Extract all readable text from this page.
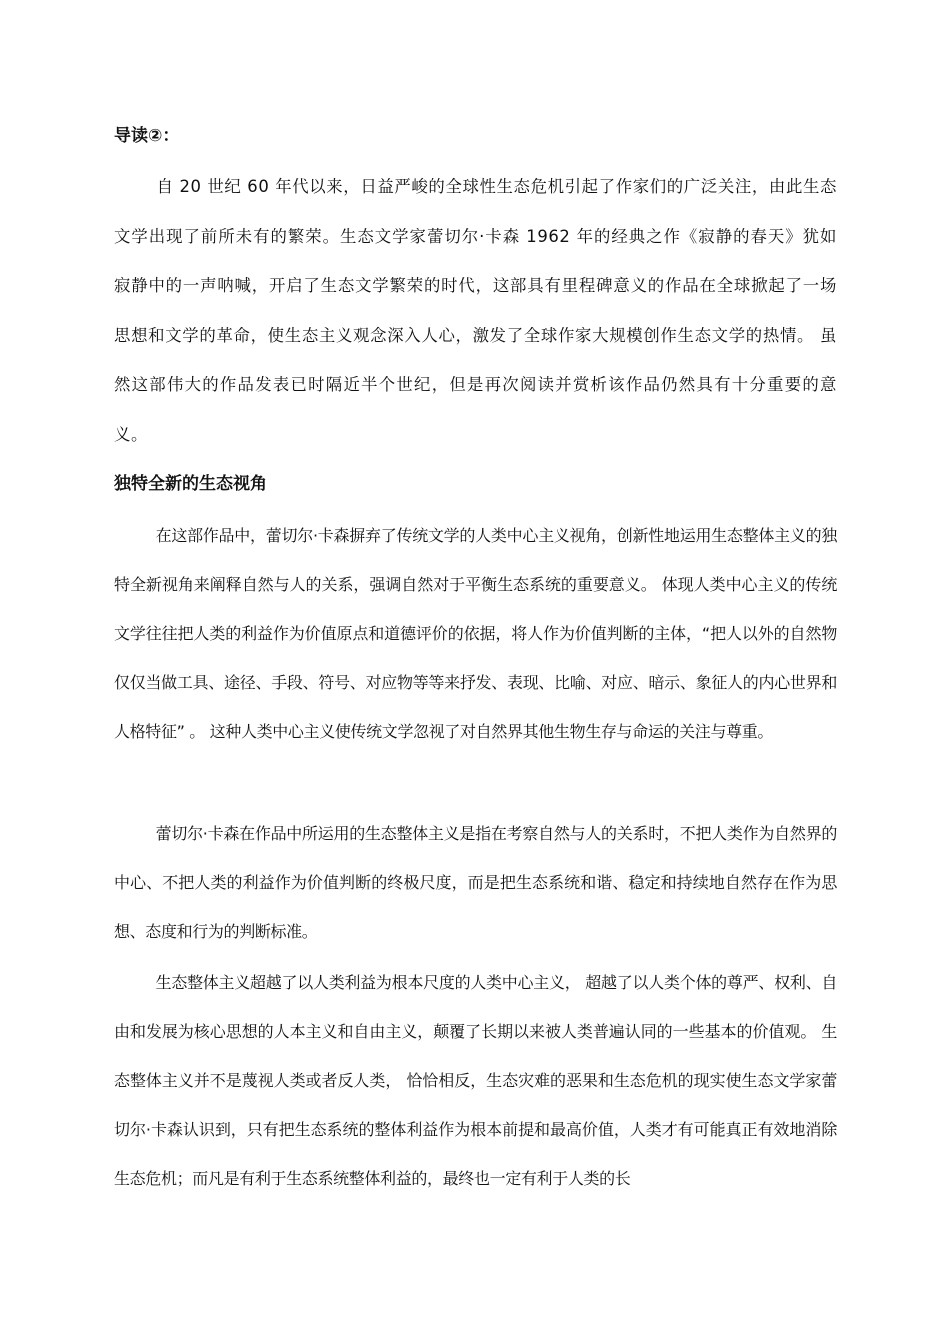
导读②：

自 20 世纪 60 年代以来，日益严峻的全球性生态危机引起了作家们的广泛关注，由此生态文学出现了前所未有的繁荣。生态文学家蕾切尔·卡森 1962 年的经典之作《寂静的春天》犹如寂静中的一声呐喊，开启了生态文学繁荣的时代，这部具有里程碑意义的作品在全球掀起了一场思想和文学的革命，使生态主义观念深入人心，激发了全球作家大规模创作生态文学的热情。 虽然这部伟大的作品发表已时隔近半个世纪，但是再次阅读并赏析该作品仍然具有十分重要的意义。

独特全新的生态视角

在这部作品中，蕾切尔·卡森摒弃了传统文学的人类中心主义视角，创新性地运用生态整体主义的独特全新视角来阐释自然与人的关系，强调自然对于平衡生态系统的重要意义。 体现人类中心主义的传统文学往往把人类的利益作为价值原点和道德评价的依据，将人作为价值判断的主体，“把人以外的自然物仅仅当做工具、途径、手段、符号、对应物等等来抒发、表现、比喻、对应、暗示、象征人的内心世界和人格特征” 。 这种人类中心主义使传统文学忽视了对自然界其他生物生存与命运的关注与尊重。

蕾切尔·卡森在作品中所运用的生态整体主义是指在考察自然与人的关系时，不把人类作为自然界的中心、不把人类的利益作为价值判断的终极尺度，而是把生态系统和谐、稳定和持续地自然存在作为思想、态度和行为的判断标准。

生态整体主义超越了以人类利益为根本尺度的人类中心主义， 超越了以人类个体的尊严、权利、自由和发展为核心思想的人本主义和自由主义，颠覆了长期以来被人类普遍认同的一些基本的价值观。 生态整体主义并不是蔑视人类或者反人类， 恰恰相反，生态灾难的恶果和生态危机的现实使生态文学家蕾切尔·卡森认识到，只有把生态系统的整体利益作为根本前提和最高价值，人类才有可能真正有效地消除生态危机；而凡是有利于生态系统整体利益的，最终也一定有利于人类的长
